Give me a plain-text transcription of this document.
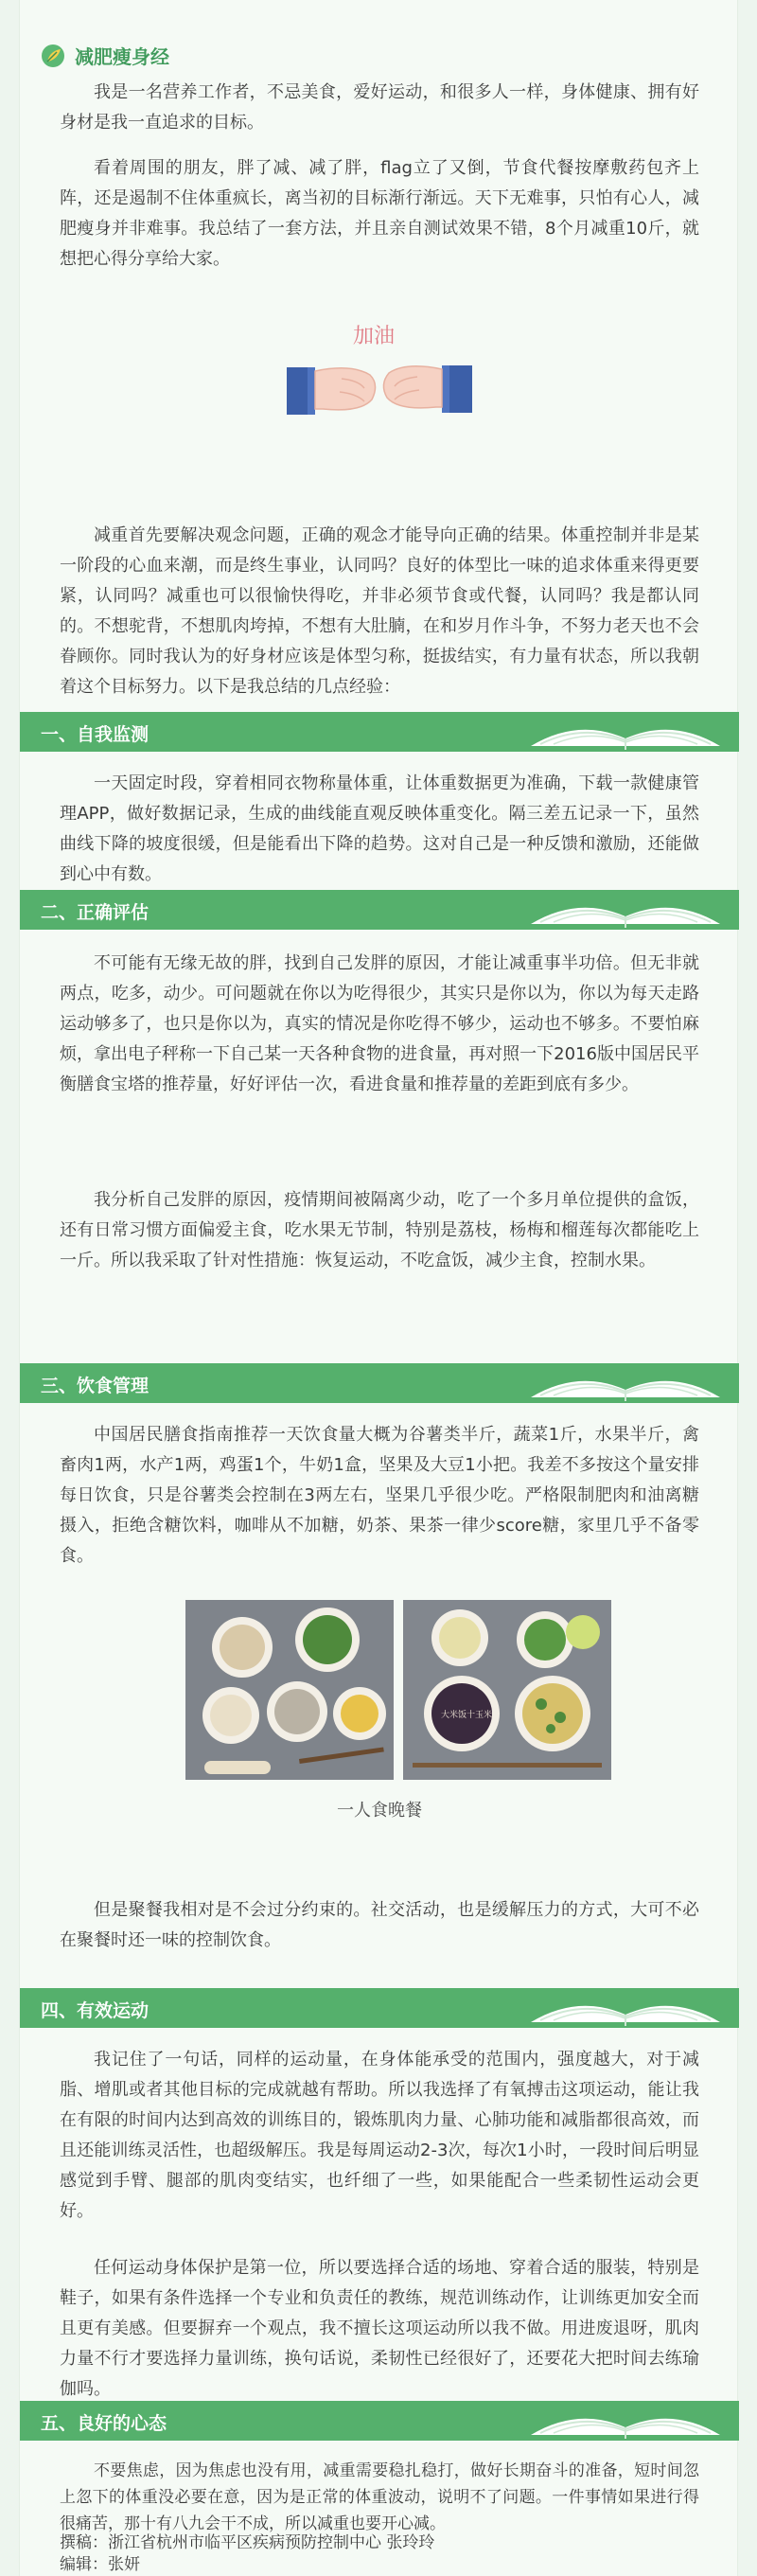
减肥瘦身经

我是一名营养工作者，不忌美食，爱好运动，和很多人一样，身体健康、拥有好身材是我一直追求的目标。

看着周围的朋友，胖了减、减了胖，flag立了又倒，节食代餐按摩敷药包齐上阵，还是遏制不住体重疯长，离当初的目标渐行渐远。天下无难事，只怕有心人，减肥瘦身并非难事。我总结了一套方法，并且亲自测试效果不错，8个月减重10斤，就想把心得分享给大家。

加油

减重首先要解决观念问题，正确的观念才能导向正确的结果。体重控制并非是某一阶段的心血来潮，而是终生事业，认同吗？良好的体型比一味的追求体重来得更要紧，认同吗？减重也可以很愉快得吃，并非必须节食或代餐，认同吗？我是都认同的。不想驼背，不想肌肉垮掉，不想有大肚腩，在和岁月作斗争，不努力老天也不会眷顾你。同时我认为的好身材应该是体型匀称，挺拔结实，有力量有状态，所以我朝着这个目标努力。以下是我总结的几点经验：

一、自我监测

一天固定时段，穿着相同衣物称量体重，让体重数据更为准确，下载一款健康管理APP，做好数据记录，生成的曲线能直观反映体重变化。隔三差五记录一下，虽然曲线下降的坡度很缓，但是能看出下降的趋势。这对自己是一种反馈和激励，还能做到心中有数。

二、正确评估

不可能有无缘无故的胖，找到自己发胖的原因，才能让减重事半功倍。但无非就两点，吃多，动少。可问题就在你以为吃得很少，其实只是你以为，你以为每天走路运动够多了，也只是你以为，真实的情况是你吃得不够少，运动也不够多。不要怕麻烦，拿出电子秤称一下自己某一天各种食物的进食量，再对照一下2016版中国居民平衡膳食宝塔的推荐量，好好评估一次，看进食量和推荐量的差距到底有多少。

我分析自己发胖的原因，疫情期间被隔离少动，吃了一个多月单位提供的盒饭，还有日常习惯方面偏爱主食，吃水果无节制，特别是荔枝，杨梅和榴莲每次都能吃上一斤。所以我采取了针对性措施：恢复运动，不吃盒饭，减少主食，控制水果。

三、饮食管理

中国居民膳食指南推荐一天饮食量大概为谷薯类半斤，蔬菜1斤，水果半斤，禽畜肉1两，水产1两，鸡蛋1个，牛奶1盒，坚果及大豆1小把。我差不多按这个量安排每日饮食，只是谷薯类会控制在3两左右，坚果几乎很少吃。严格限制肥肉和油离糖摄入，拒绝含糖饮料，咖啡从不加糖，奶茶、果茶一律少score糖，家里几乎不备零食。

大米饭十玉米
一人食晚餐

但是聚餐我相对是不会过分约束的。社交活动，也是缓解压力的方式，大可不必在聚餐时还一味的控制饮食。

四、有效运动

我记住了一句话，同样的运动量，在身体能承受的范围内，强度越大，对于减脂、增肌或者其他目标的完成就越有帮助。所以我选择了有氧搏击这项运动，能让我在有限的时间内达到高效的训练目的，锻炼肌肉力量、心肺功能和减脂都很高效，而且还能训练灵活性，也超级解压。我是每周运动2-3次，每次1小时，一段时间后明显感觉到手臂、腿部的肌肉变结实，也纤细了一些，如果能配合一些柔韧性运动会更好。

任何运动身体保护是第一位，所以要选择合适的场地、穿着合适的服装，特别是鞋子，如果有条件选择一个专业和负责任的教练，规范训练动作，让训练更加安全而且更有美感。但要摒弃一个观点，我不擅长这项运动所以我不做。用进废退呀，肌肉力量不行才要选择力量训练，换句话说，柔韧性已经很好了，还要花大把时间去练瑜伽吗。

五、良好的心态

不要焦虑，因为焦虑也没有用，减重需要稳扎稳打，做好长期奋斗的准备，短时间忽上忽下的体重没必要在意，因为是正常的体重波动，说明不了问题。一件事情如果进行得很痛苦，那十有八九会干不成，所以减重也要开心减。

撰稿：浙江省杭州市临平区疾病预防控制中心 张玲玲
编辑：张妍
